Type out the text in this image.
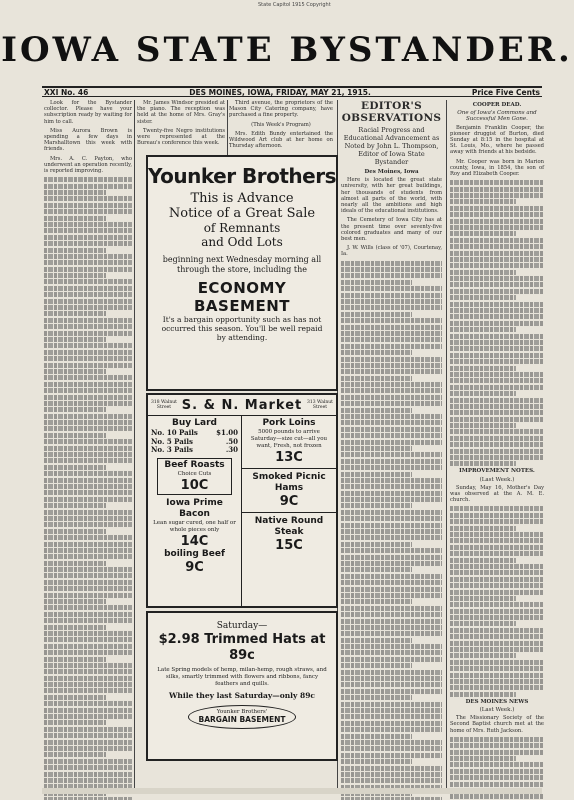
State Capitol 1915 Copyright
IOWA STATE BYSTANDER.
XXI No. 46	DES MOINES, IOWA, FRIDAY, MAY 21, 1915.	Price Five Cents

Look for the Bystander collector. Please have your subscription ready by waiting for him to call.

Miss Aurora Brown is spending a few days in Marshalltown this week with friends.

Mrs. A. C. Payton, who underwent an operation recently, is reported improving.

Mr. James Windsor presided at the piano. The reception was held at the home of Mrs. Gray's sister.

Twenty-five Negro institutions were represented at the Bureau's conference this week.

Third avenue, the proprietors of the Mason City Catering company, have purchased a fine property.

(This Week's Program)

Mrs. Edith Bundy entertained the Wildwood Art club at her home on Thursday afternoon.

Younker Brothers
This is Advance
Notice of a Great Sale
of Remnants
and Odd Lots
beginning next Wednesday morning all through the store, including the
ECONOMY BASEMENT
It's a bargain opportunity such as has not occurred this season. You'll be well repaid by attending.
318 Walnut Street S. & N. Market 313 Walnut Street
Buy Lard
No. 10 Pails	$1.00
No. 5 Pails	.50
No. 3 Pails	.30
Beef Roasts
Choice Cuts
10C
Iowa Prime Bacon
Lean sugar cured, one half or whole pieces only
14C
boiling Beef
9C
Pork Loins
5000 pounds to arrive Saturday—size cut—all you want, Fresh, not frozen
13C
Smoked Picnic Hams
9C
Native Round Steak
15C
Saturday—
$2.98 Trimmed Hats at 89c
Late Spring models of hemp, milan-hemp, rough straws, and silks, smartly trimmed with flowers and ribbons, fancy feathers and quills.
While they last Saturday—only 89c
Younker Brothers'
BARGAIN BASEMENT
EDITOR'S OBSERVATIONS
Racial Progress and Educational Advancement as Noted by John L. Thompson, Editor of Iowa State Bystander
Des Moines, Iowa

Here is located the great state university, with her great buildings, her thousands of students from almost all parts of the world, with nearly all the ambitions and high ideals of the educational institutions.

The Cemetery of Iowa City has at the present time over seventy-five colored graduates and many of our best men.

J. W. Wills (class of '07), Courtenay, Ia.

COOPER DEAD.
One of Iowa's Commons and Successful Men Gone.

Benjamin Franklin Cooper, the pioneer druggist of Burton, died Sunday at 8:15 in the hospital at St. Louis, Mo., where he passed away with friends at his bedside.

Mr. Cooper was born in Marion county, Iowa, in 1854, the son of Roy and Elizabeth Cooper.

IMPROVEMENT NOTES.
(Last Week.)

Sunday, May 16, Mother's Day was observed at the A. M. E. church.

DES MOINES NEWS
(Last Week.)

The Missionary Society of the Second Baptist church met at the home of Mrs. Ruth Jackson.
